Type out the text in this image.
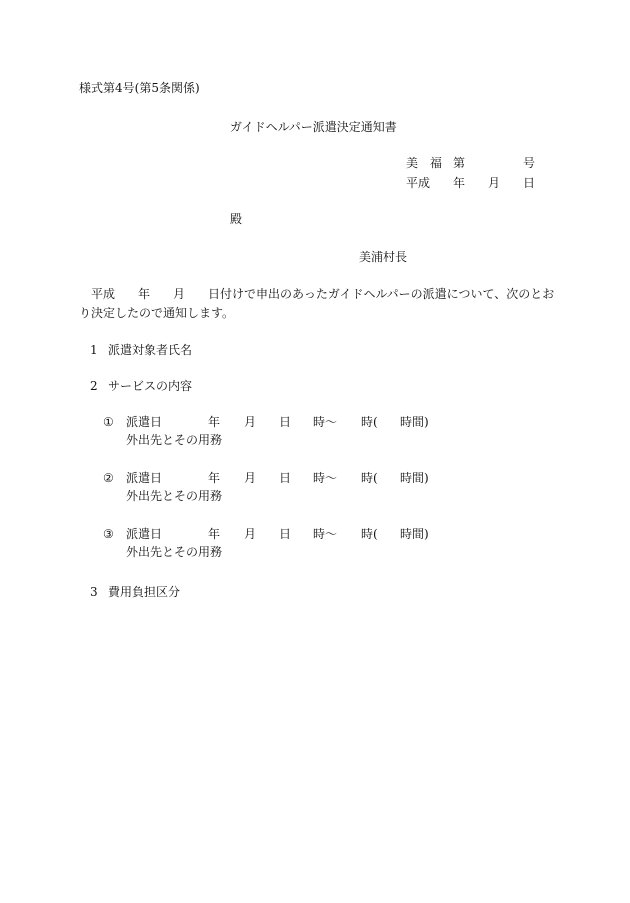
様式第4号(第5条関係)
ガイドヘルパー派遣決定通知書
美 福 第	号
平成 年 月 日
殿
美浦村長
平成 年 月 日付けで申出のあったガイドヘルパーの派遣について、次のとお
り決定したので通知します。
1 派遣対象者氏名
2 サービスの内容
① 派遣日	年 月 日 時～ 時( 時間)
外出先とその用務
② 派遣日	年 月 日 時～ 時( 時間)
外出先とその用務
③ 派遣日	年 月 日 時～ 時( 時間)
外出先とその用務
3 費用負担区分
